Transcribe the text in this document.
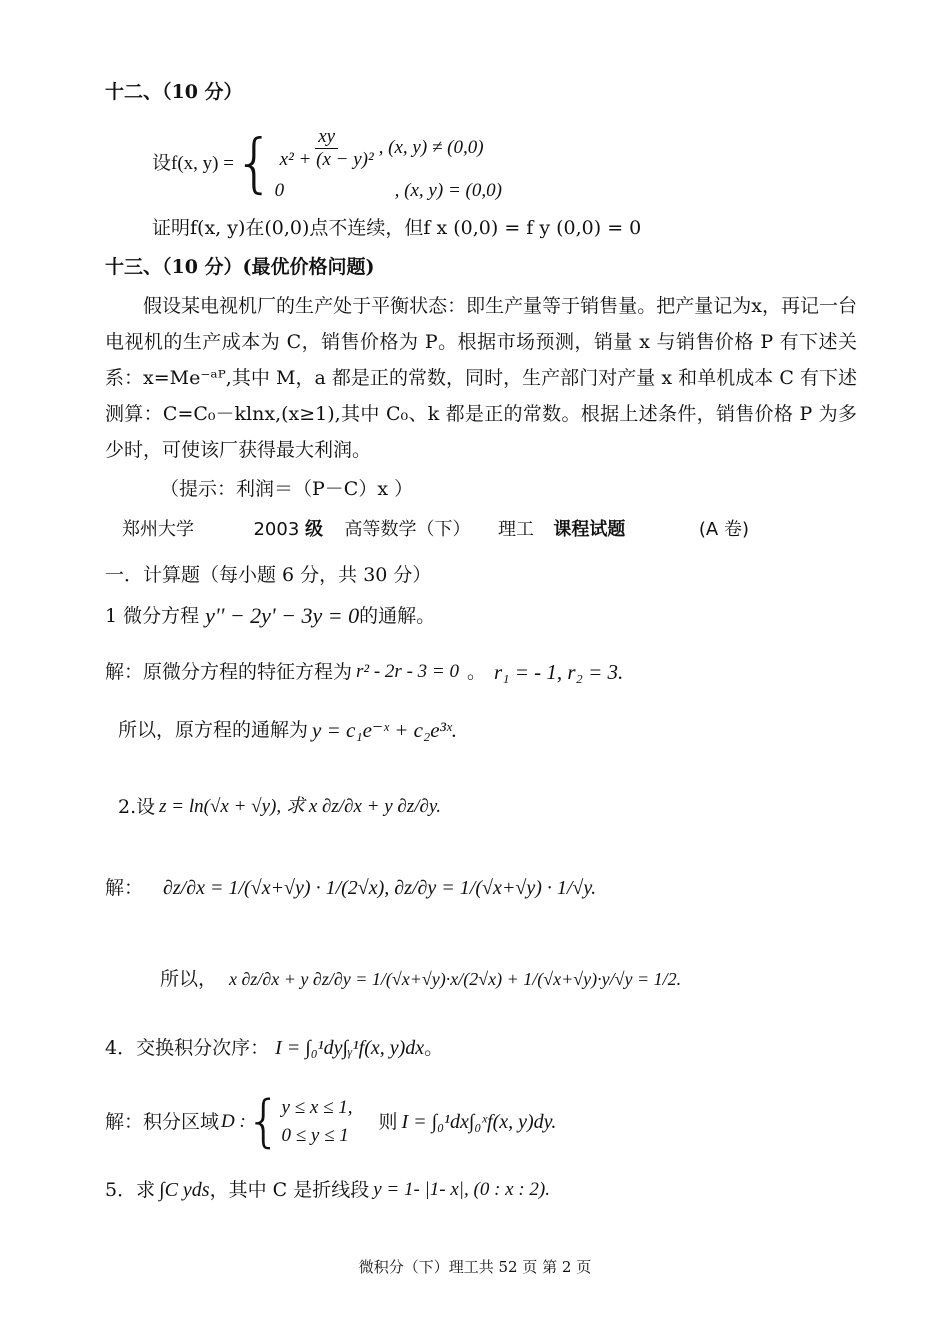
十二、（10 分）
设f(x, y) = { $\frac{xy}{\text{x² + (x − y)²}}$ , (x, y) ≠ (0,0)
0	, (x, y) = (0,0)
证明f(x, y)在(0,0)点不连续，但f x (0,0) = f y (0,0) = 0
十三、（10 分）(最优价格问题)
假设某电视机厂的生产处于平衡状态：即生产量等于销售量。把产量记为x，再记一台电视机的生产成本为 C，销售价格为 P。根据市场预测，销量 x 与销售价格 P 有下述关系：x=Me⁻ᵃᴾ,其中 M，a 都是正的常数，同时，生产部门对产量 x 和单机成本 C 有下述测算：C=C₀－klnx,(x≥1),其中 C₀、k 都是正的常数。根据上述条件，销售价格 P 为多少时，可使该厂获得最大利润。
（提示：利润＝（P－C）x ）
郑州大学	2003 级 高等数学（下） 理工 课程试题	(A 卷)
一．计算题（每小题 6 分，共 30 分）
1 微分方程 y'' − 2y' − 3y = 0 的通解。
解：原微分方程的特征方程为 r² - 2r - 3 = 0 。 r₁ = - 1, r₂ = 3.
所以，原方程的通解为 y = c₁e⁻ˣ + c₂e³ˣ.
2.设 z = ln(√x + √y), 求 x ∂z/∂x + y ∂z/∂y.
解： ∂z/∂x = 1/(√x+√y) · 1/(2√x), ∂z/∂y = 1/(√x+√y) · 1/√y.
所以， x ∂z/∂x + y ∂z/∂y = 1/(√x+√y)·x/(2√x) + 1/(√x+√y)·y/√y = 1/2.
4．交换积分次序： I = ∫₀¹dy∫ᵧ¹f(x, y)dx 。
解：积分区域 D : { y ≤ x ≤ 1,
0 ≤ y ≤ 1
则 I = ∫₀¹dx∫₀ˣf(x, y)dy.
5．求 ∫C yds ，其中 C 是折线段 y = 1- |1- x|, (0 : x : 2).
微积分（下）理工共 52 页 第 2 页
